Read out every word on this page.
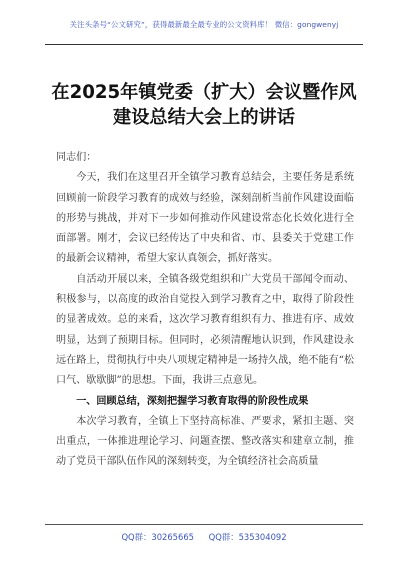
关注头条号“公文研究”，获得最新最全最专业的公文资料库！ 微信：gongwenyj
在2025年镇党委（扩大）会议暨作风
建设总结大会上的讲话

同志们：

今天，我们在这里召开全镇学习教育总结会，主要任务是系统回顾前一阶段学习教育的成效与经验，深刻剖析当前作风建设面临的形势与挑战，并对下一步如何推动作风建设常态化长效化进行全面部署。刚才，会议已经传达了中央和省、市、县委关于党建工作的最新会议精神，希望大家认真领会，抓好落实。

自活动开展以来，全镇各级党组织和广大党员干部闻令而动、积极参与，以高度的政治自觉投入到学习教育之中，取得了阶段性的显著成效。总的来看，这次学习教育组织有力、推进有序、成效明显，达到了预期目标。但同时，必须清醒地认识到，作风建设永远在路上，贯彻执行中央八项规定精神是一场持久战，绝不能有“松口气、歇歇脚”的思想。下面，我讲三点意见。

一、回顾总结，深刻把握学习教育取得的阶段性成果

本次学习教育，全镇上下坚持高标准、严要求，紧扣主题、突出重点，一体推进理论学习、问题查摆、整改落实和建章立制，推动了党员干部队伍作风的深刻转变，为全镇经济社会高质量

QQ群：30265665 QQ群：535304092
